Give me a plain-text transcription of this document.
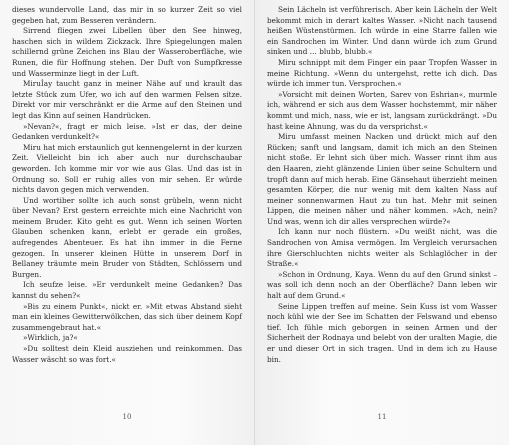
dieses wundervolle Land, das mir in so kurzer Zeit so viel gegeben hat, zum Besseren verändern.

Sirrend fliegen zwei Libellen über den See hinweg, haschen sich in wildem Zickzack. Ihre Spiegelungen malen schillernd grüne Zeichen ins Blau der Wasseroberfläche, wie Runen, die für Hoffnung stehen. Der Duft von Sumpfkresse und Wasserminze liegt in der Luft.

Miruİay taucht ganz in meiner Nähe auf und krault das letzte Stück zum Ufer, wo ich auf den warmen Felsen sitze. Direkt vor mir verschränkt er die Arme auf den Steinen und legt das Kinn auf seinen Handrücken.

»Nevan?«, fragt er mich leise. »Ist er das, der deine Gedanken verdunkelt?«

Miru hat mich erstaunlich gut kennengelernt in der kurzen Zeit. Vielleicht bin ich aber auch nur durchschaubar geworden. Ich komme mir vor wie aus Glas. Und das ist in Ordnung so. Soll er ruhig alles von mir sehen. Er würde nichts davon gegen mich verwenden.

Und wortiber sollte ich auch sonst grübeln, wenn nicht über Nevan? Erst gestern erreichte mich eine Nachricht von meinem Bruder. Kito geht es gut. Wenn ich seinen Worten Glauben schenken kann, erlebt er gerade ein großes, aufregendes Abenteuer. Es hat ihn immer in die Ferne gezogen. In unserer kleinen Hütte in unserem Dorf in Bellaney träumte mein Bruder von Städten, Schlössern und Burgen.

Ich seufze leise. »Er verdunkelt meine Gedanken? Das kannst du sehen?«

»Bis zu einem Punkt«, nickt er. »Mit etwas Abstand sieht man ein kleines Gewitterwölkchen, das sich über deinem Kopf zusammengebraut hat.«

»Wirklich, ja?«

»Du solltest dein Kleid ausziehen und reinkommen. Das Wasser wäscht so was fort.«

10

Sein Lächeln ist verführerisch. Aber kein Lächeln der Welt bekommt mich in derart kaltes Wasser. »Nicht nach tausend heißen Wüstenstürmen. Ich würde in eine Starre fallen wie ein Sandrochen im Winter. Und dann würde ich zum Grund sinken und … blubb, blubb.«

Miru schnippt mit dem Finger ein paar Tropfen Wasser in meine Richtung. »Wenn du untergehst, rette ich dich. Das würde ich immer tun. Versprochen.«

»Vorsicht mit deinen Worten, Sarev von Eshrian«, murmle ich, während er sich aus dem Wasser hochstemmt, mir näher kommt und mich, nass, wie er ist, langsam zurückdrängt. »Du hast keine Ahnung, was du da versprichst.«

Miru umfasst meinen Nacken und drückt mich auf den Rücken; sanft und langsam, damit ich mich an den Steinen nicht stoße. Er lehnt sich über mich. Wasser rinnt ihm aus den Haaren, zieht glänzende Linien über seine Schultern und tropft dann auf mich herab. Eine Gänsehaut überzieht meinen gesamten Körper, die nur wenig mit dem kalten Nass auf meiner sonnenwarmen Haut zu tun hat. Mehr mit seinen Lippen, die meinen näher und näher kommen. »Ach, nein? Und was, wenn ich dir alles versprechen würde?«

Ich kann nur noch flüstern. »Du weißt nicht, was die Sandrochen von Amisa vermögen. Im Vergleich verursachen ihre Gierschluchten nichts weiter als Schlaglöcher in der Straße.«

»Schon in Ordnung, Kaya. Wenn du auf den Grund sinkst – was soll ich denn noch an der Oberfläche? Dann leben wir halt auf dem Grund.«

Seine Lippen treffen auf meine. Sein Kuss ist vom Wasser noch kühl wie der See im Schatten der Felswand und ebenso tief. Ich fühle mich geborgen in seinen Armen und der Sicherheit der Rodnaya und belebt von der uralten Magie, die er und dieser Ort in sich tragen. Und in dem ich zu Hause bin.

11
